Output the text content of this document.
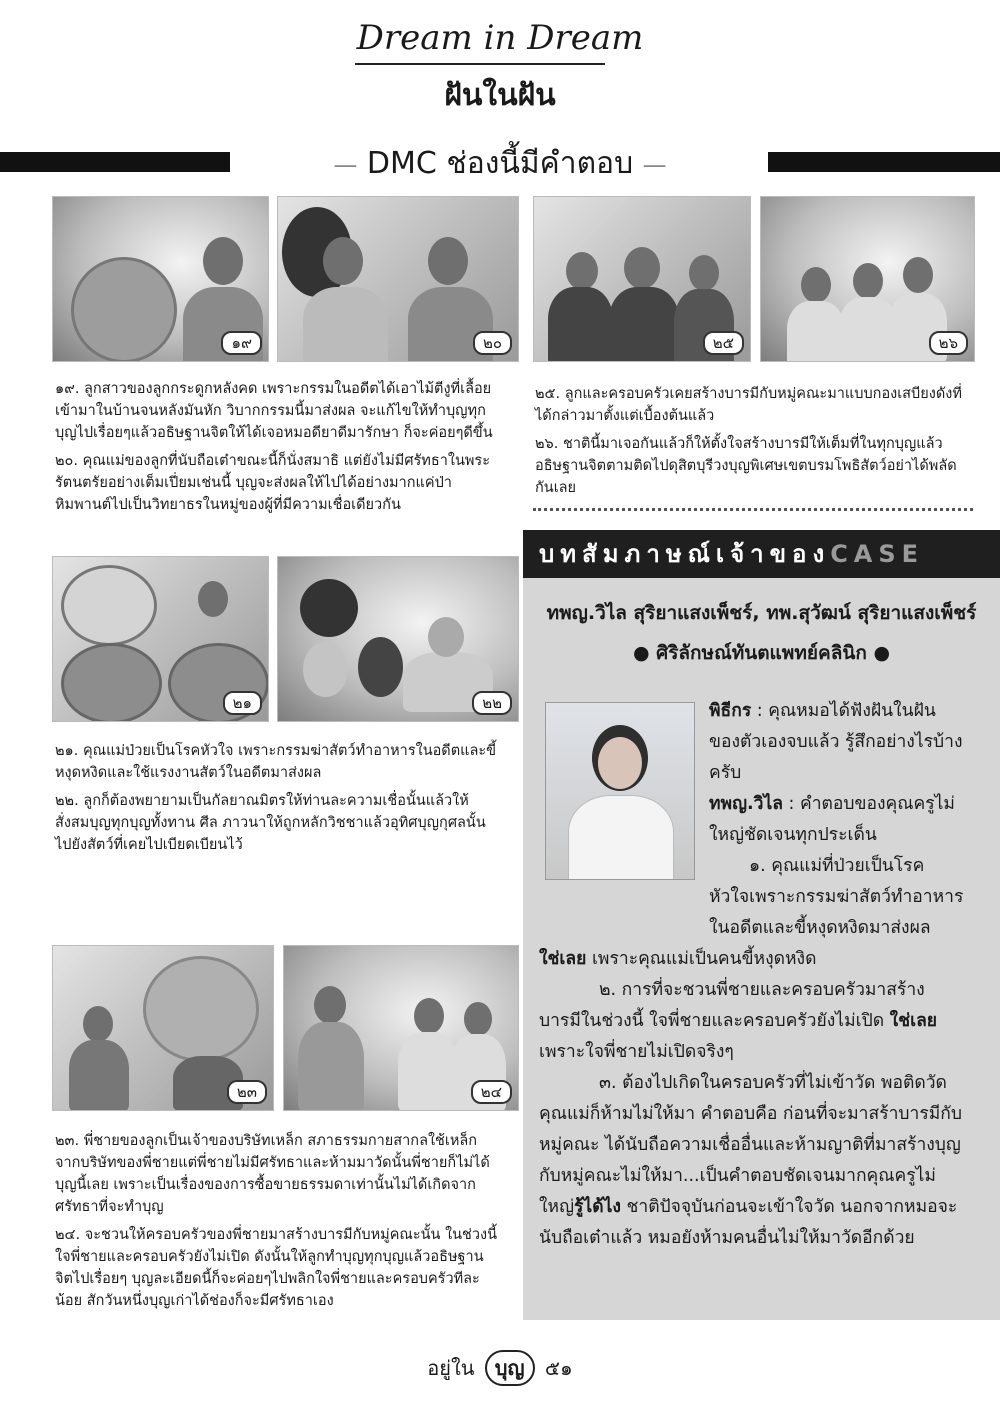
Dream in Dream
ฝันในฝัน
— DMC ช่องนี้มีคำตอบ —
๑๙	๒๐	๒๕	๒๖

๑๙. ลูกสาวของลูกกระดูกหลังคด เพราะกรรมในอดีตได้เอาไม้ตีงูที่เลื้อยเข้ามาในบ้านจนหลังมันหัก วิบากกรรมนี้มาส่งผล จะแก้ไขให้ทำบุญทุกบุญไปเรื่อยๆแล้วอธิษฐานจิตให้ได้เจอหมอดียาดีมารักษา ก็จะค่อยๆดีขึ้น

๒๐. คุณแม่ของลูกที่นับถือเต๋าขณะนี้ก็นั่งสมาธิ แต่ยังไม่มีศรัทธาในพระรัตนตรัยอย่างเต็มเปี่ยมเช่นนี้ บุญจะส่งผลให้ไปได้อย่างมากแค่ป่าหิมพานต์ไปเป็นวิทยาธรในหมู่ของผู้ที่มีความเชื่อเดียวกัน

๒๕. ลูกและครอบครัวเคยสร้างบารมีกับหมู่คณะมาแบบกองเสบียงดังที่ได้กล่าวมาตั้งแต่เบื้องต้นแล้ว

๒๖. ชาตินี้มาเจอกันแล้วก็ให้ตั้งใจสร้างบารมีให้เต็มที่ในทุกบุญแล้วอธิษฐานจิตตามติดไปดุสิตบุรีวงบุญพิเศษเขตบรมโพธิสัตว์อย่าได้พลัดกันเลย

๒๑	๒๒

๒๑. คุณแม่ป่วยเป็นโรคหัวใจ เพราะกรรมฆ่าสัตว์ทำอาหารในอดีตและขี้หงุดหงิดและใช้แรงงานสัตว์ในอดีตมาส่งผล

๒๒. ลูกก็ต้องพยายามเป็นกัลยาณมิตรให้ท่านละความเชื่อนั้นแล้วให้สั่งสมบุญทุกบุญทั้งทาน ศีล ภาวนาให้ถูกหลักวิชชาแล้วอุทิศบุญกุศลนั้น ไปยังสัตว์ที่เคยไปเบียดเบียนไว้

๒๓	๒๔

๒๓. พี่ชายของลูกเป็นเจ้าของบริษัทเหล็ก สภาธรรมกายสากลใช้เหล็กจากบริษัทของพี่ชายแต่พี่ชายไม่มีศรัทธาและห้ามมาวัดนั้นพี่ชายก็ไม่ได้บุญนี้เลย เพราะเป็นเรื่องของการซื้อขายธรรมดาเท่านั้นไม่ได้เกิดจากศรัทธาที่จะทำบุญ

๒๔. จะชวนให้ครอบครัวของพี่ชายมาสร้างบารมีกับหมู่คณะนั้น ในช่วงนี้ใจพี่ชายและครอบครัวยังไม่เปิด ดังนั้นให้ลูกทำบุญทุกบุญแล้วอธิษฐานจิตไปเรื่อยๆ บุญละเอียดนี้ก็จะค่อยๆไปพลิกใจพี่ชายและครอบครัวทีละน้อย สักวันหนึ่งบุญเก่าได้ช่องก็จะมีศรัทธาเอง

บทสัมภาษณ์เจ้าของCASE
ทพญ.วิไล สุริยาแสงเพ็ชร์, ทพ.สุวัฒน์ สุริยาแสงเพ็ชร์
● ศิริลักษณ์ทันตแพทย์คลินิก ●

พิธีกร : คุณหมอได้ฟังฝันในฝันของตัวเองจบแล้ว รู้สึกอย่างไรบ้างครับ

ทพญ.วิไล : คำตอบของคุณครูไม่ใหญ่ชัดเจนทุกประเด็น

๑. คุณแม่ที่ป่วยเป็นโรคหัวใจเพราะกรรมฆ่าสัตว์ทำอาหารในอดีตและขี้หงุดหงิดมาส่งผล

ใช่เลย เพราะคุณแม่เป็นคนขี้หงุดหงิด

๒. การที่จะชวนพี่ชายและครอบครัวมาสร้างบารมีในช่วงนี้ ใจพี่ชายและครอบครัวยังไม่เปิด ใช่เลย เพราะใจพี่ชายไม่เปิดจริงๆ

๓. ต้องไปเกิดในครอบครัวที่ไม่เข้าวัด พอติดวัดคุณแม่ก็ห้ามไม่ให้มา คำตอบคือ ก่อนที่จะมาสร้าบารมีกับหมู่คณะ ได้นับถือความเชื่ออื่นและห้ามญาติที่มาสร้างบุญกับหมู่คณะไม่ให้มา...เป็นคำตอบชัดเจนมากคุณครูไม่ใหญ่รู้ได้ไง ชาติปัจจุบันก่อนจะเข้าใจวัด นอกจากหมอจะนับถือเต๋าแล้ว หมอยังห้ามคนอื่นไม่ให้มาวัดอีกด้วย

อยู่ใน บุญ ๕๑
